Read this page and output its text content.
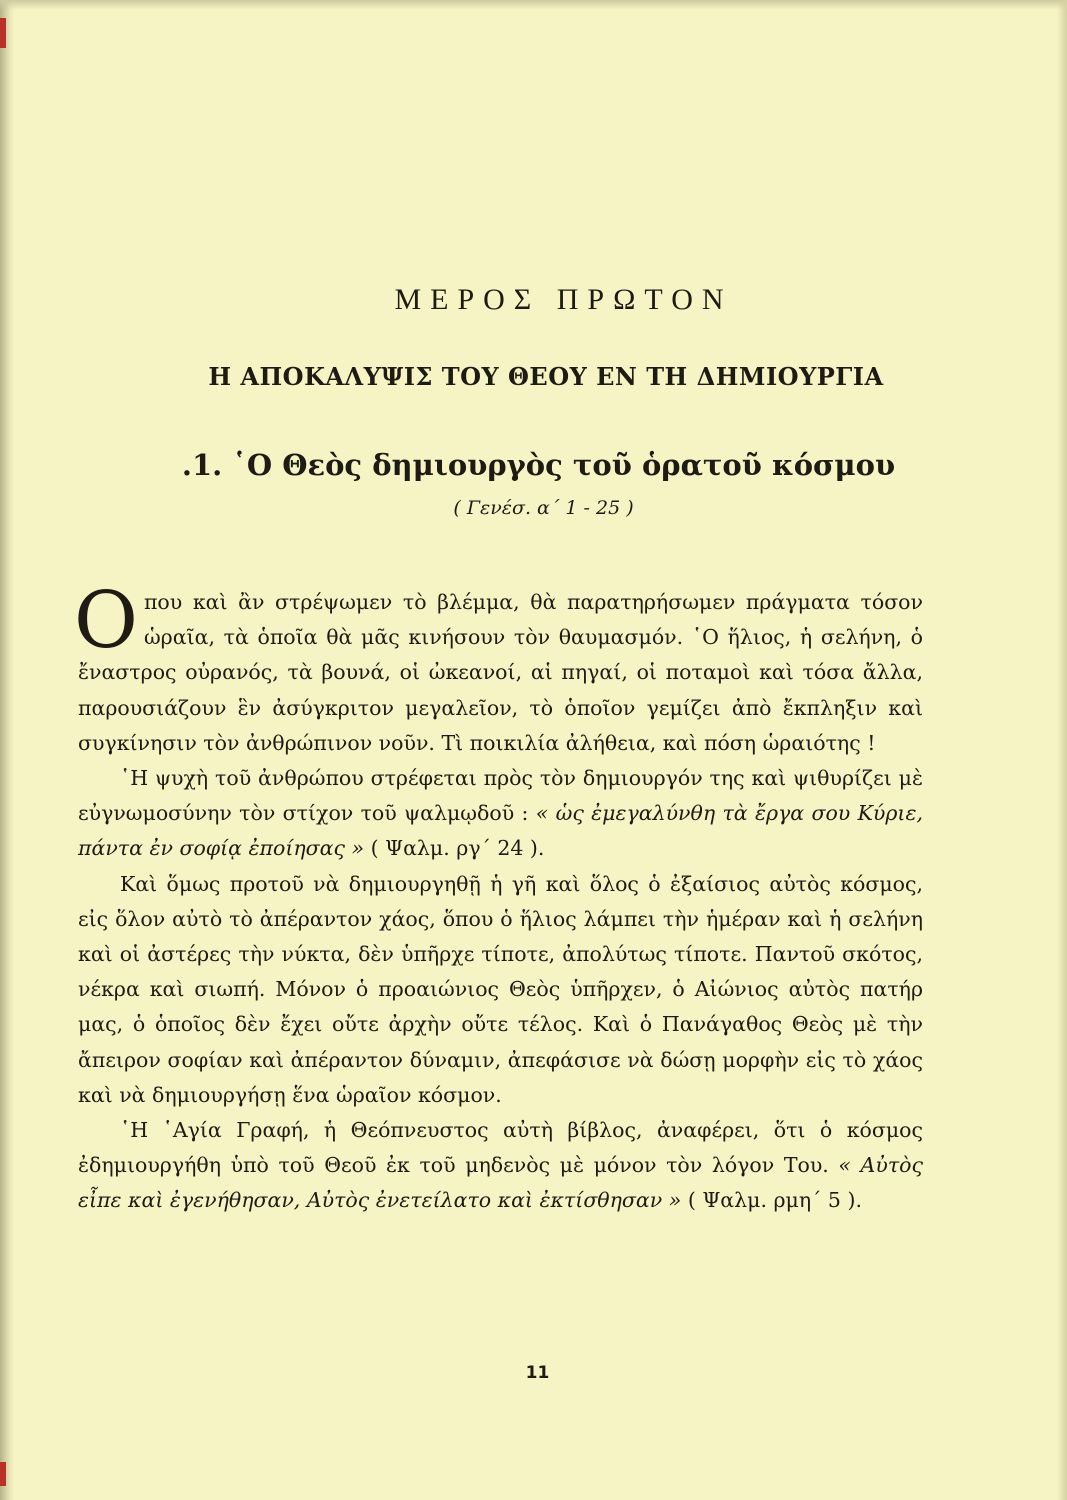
ΜΕΡΟΣ ΠΡΩΤΟΝ
Η ΑΠΟΚΑΛΥΨΙΣ ΤΟΥ ΘΕΟΥ ΕΝ ΤΗ ΔΗΜΙΟΥΡΓΙΑ
.1. ῾Ο Θεὸς δημιουργὸς τοῦ ὁρατοῦ κόσμου
( Γενέσ. α΄ 1 - 25 )

Οπου καὶ ἂν στρέψωμεν τὸ βλέμμα, θὰ παρατηρήσωμεν πράγματα τόσον ὡραῖα, τὰ ὁποῖα θὰ μᾶς κινήσουν τὸν θαυμασμόν. ῾Ο ἥλιος, ἡ σελήνη, ὁ ἔναστρος οὐρανός, τὰ βουνά, οἱ ὠκεανοί, αἱ πηγαί, οἱ ποταμοὶ καὶ τόσα ἄλλα, παρουσιάζουν ἓν ἀσύγκριτον μεγαλεῖον, τὸ ὁποῖον γεμίζει ἀπὸ ἔκπληξιν καὶ συγκίνησιν τὸν ἀνθρώπινον νοῦν. Τὶ ποικιλία ἀλήθεια, καὶ πόση ὡραιότης !

῾Η ψυχὴ τοῦ ἀνθρώπου στρέφεται πρὸς τὸν δημιουργόν της καὶ ψιθυρίζει μὲ εὐγνωμοσύνην τὸν στίχον τοῦ ψαλμῳδοῦ : « ὡς ἐμεγαλύνθη τὰ ἔργα σου Κύριε, πάντα ἐν σοφίᾳ ἐποίησας » ( Ψαλμ. ργ΄ 24 ).

Καὶ ὅμως προτοῦ νὰ δημιουργηθῇ ἡ γῆ καὶ ὅλος ὁ ἐξαίσιος αὐτὸς κόσμος, εἰς ὅλον αὐτὸ τὸ ἀπέραντον χάος, ὅπου ὁ ἥλιος λάμπει τὴν ἡμέραν καὶ ἡ σελήνη καὶ οἱ ἀστέρες τὴν νύκτα, δὲν ὑπῆρχε τίποτε, ἀπολύτως τίποτε. Παντοῦ σκότος, νέκρα καὶ σιωπή. Μόνον ὁ προαιώνιος Θεὸς ὑπῆρχεν, ὁ Αἰώνιος αὐτὸς πατήρ μας, ὁ ὁποῖος δὲν ἔχει οὔτε ἀρχὴν οὔτε τέλος. Καὶ ὁ Πανάγαθος Θεὸς μὲ τὴν ἄπειρον σοφίαν καὶ ἀπέραντον δύναμιν, ἀπεφάσισε νὰ δώσῃ μορφὴν εἰς τὸ χάος καὶ νὰ δημιουργήσῃ ἕνα ὡραῖον κόσμον.

῾Η ῾Αγία Γραφή, ἡ Θεόπνευστος αὐτὴ βίβλος, ἀναφέρει, ὅτι ὁ κόσμος ἐδημιουργήθη ὑπὸ τοῦ Θεοῦ ἐκ τοῦ μηδενὸς μὲ μόνον τὸν λόγον Του. « Αὐτὸς εἶπε καὶ ἐγενήθησαν, Αὐτὸς ἐνετείλατο καὶ ἐκτίσθησαν » ( Ψαλμ. ρμη΄ 5 ).

11
